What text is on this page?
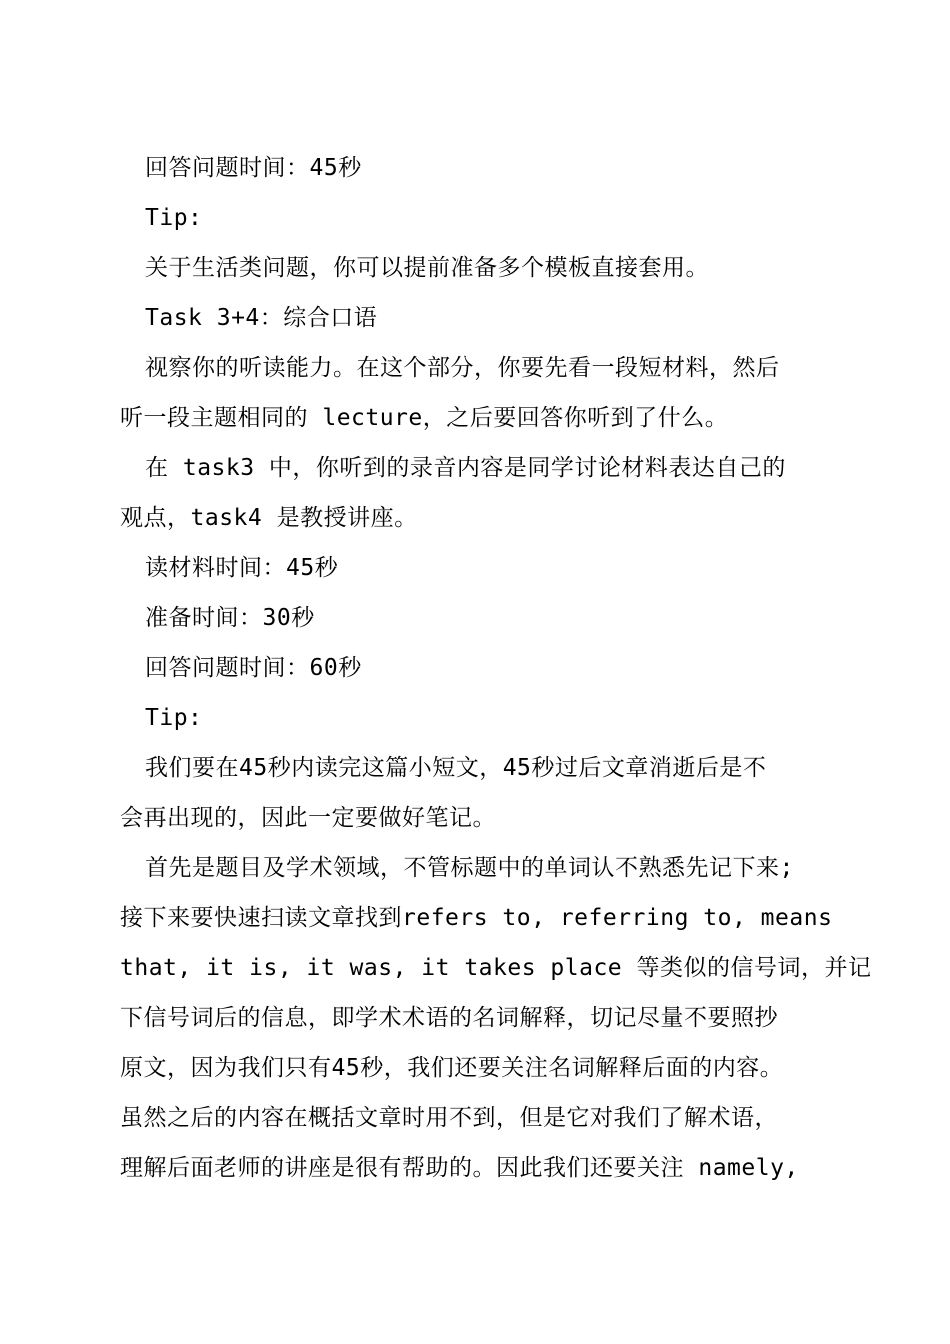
回答问题时间：45秒
Tip:
关于生活类问题，你可以提前准备多个模板直接套用。
Task 3+4：综合口语
视察你的听读能力。在这个部分，你要先看一段短材料，然后
听一段主题相同的 lecture，之后要回答你听到了什么。
在 task3 中，你听到的录音内容是同学讨论材料表达自己的
观点，task4 是教授讲座。
读材料时间：45秒
准备时间：30秒
回答问题时间：60秒
Tip:
我们要在45秒内读完这篇小短文，45秒过后文章消逝后是不
会再出现的，因此一定要做好笔记。
首先是题目及学术领域，不管标题中的单词认不熟悉先记下来;
接下来要快速扫读文章找到refers to, referring to, means
that, it is, it was, it takes place 等类似的信号词，并记
下信号词后的信息，即学术术语的名词解释，切记尽量不要照抄
原文，因为我们只有45秒，我们还要关注名词解释后面的内容。
虽然之后的内容在概括文章时用不到，但是它对我们了解术语，
理解后面老师的讲座是很有帮助的。因此我们还要关注 namely,
